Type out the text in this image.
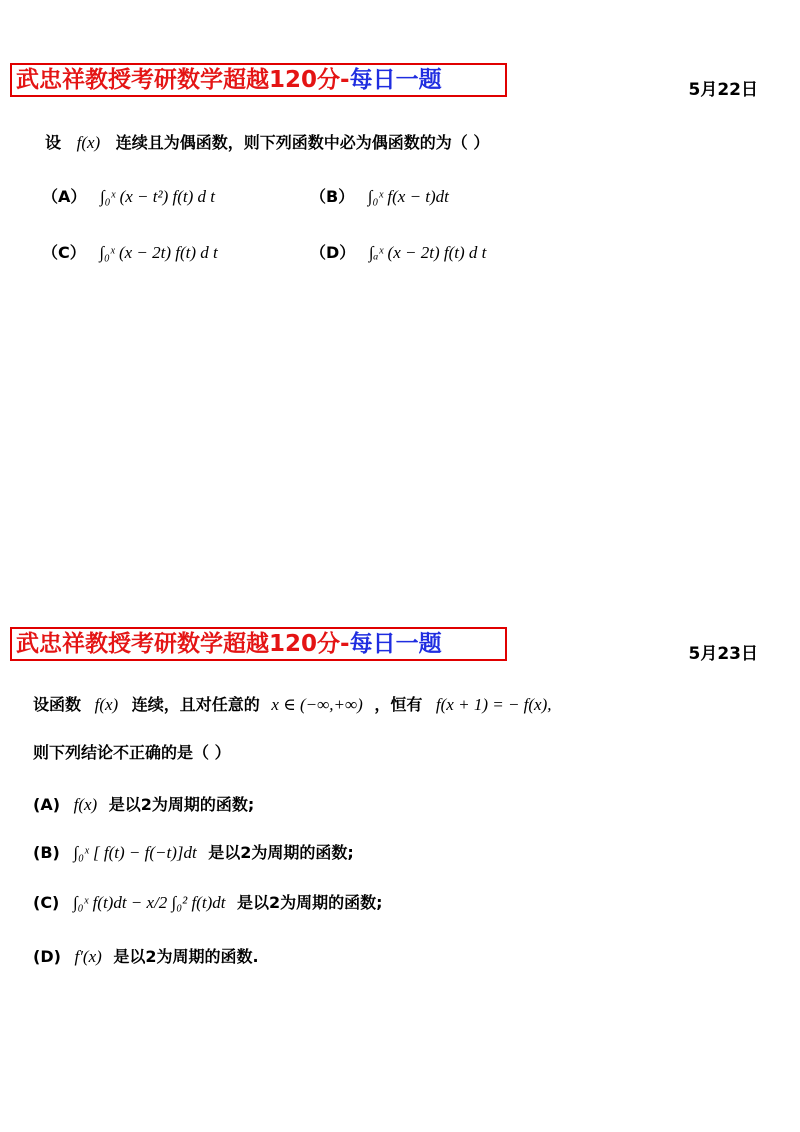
武忠祥教授考研数学超越120分-每日一题	5月22日
设 f(x) 连续且为偶函数，则下列函数中必为偶函数的为（ ）
（A） ∫₀ˣ (x − t²) f(t) d t	（B） ∫₀ˣ f(x − t)dt
（C） ∫₀ˣ (x − 2t) f(t) d t	（D） ∫ₐˣ (x − 2t) f(t) d t
武忠祥教授考研数学超越120分-每日一题	5月23日
设函数 f(x) 连续，且对任意的 x ∈ (−∞,+∞) ，恒有 f(x + 1) = − f(x),
则下列结论不正确的是（ ）
(A) f(x) 是以2为周期的函数;
(B) ∫₀ˣ [ f(t) − f(−t)]dt 是以2为周期的函数;
(C) ∫₀ˣ f(t)dt − x/2 ∫₀² f(t)dt 是以2为周期的函数;
(D) f′(x) 是以2为周期的函数.
